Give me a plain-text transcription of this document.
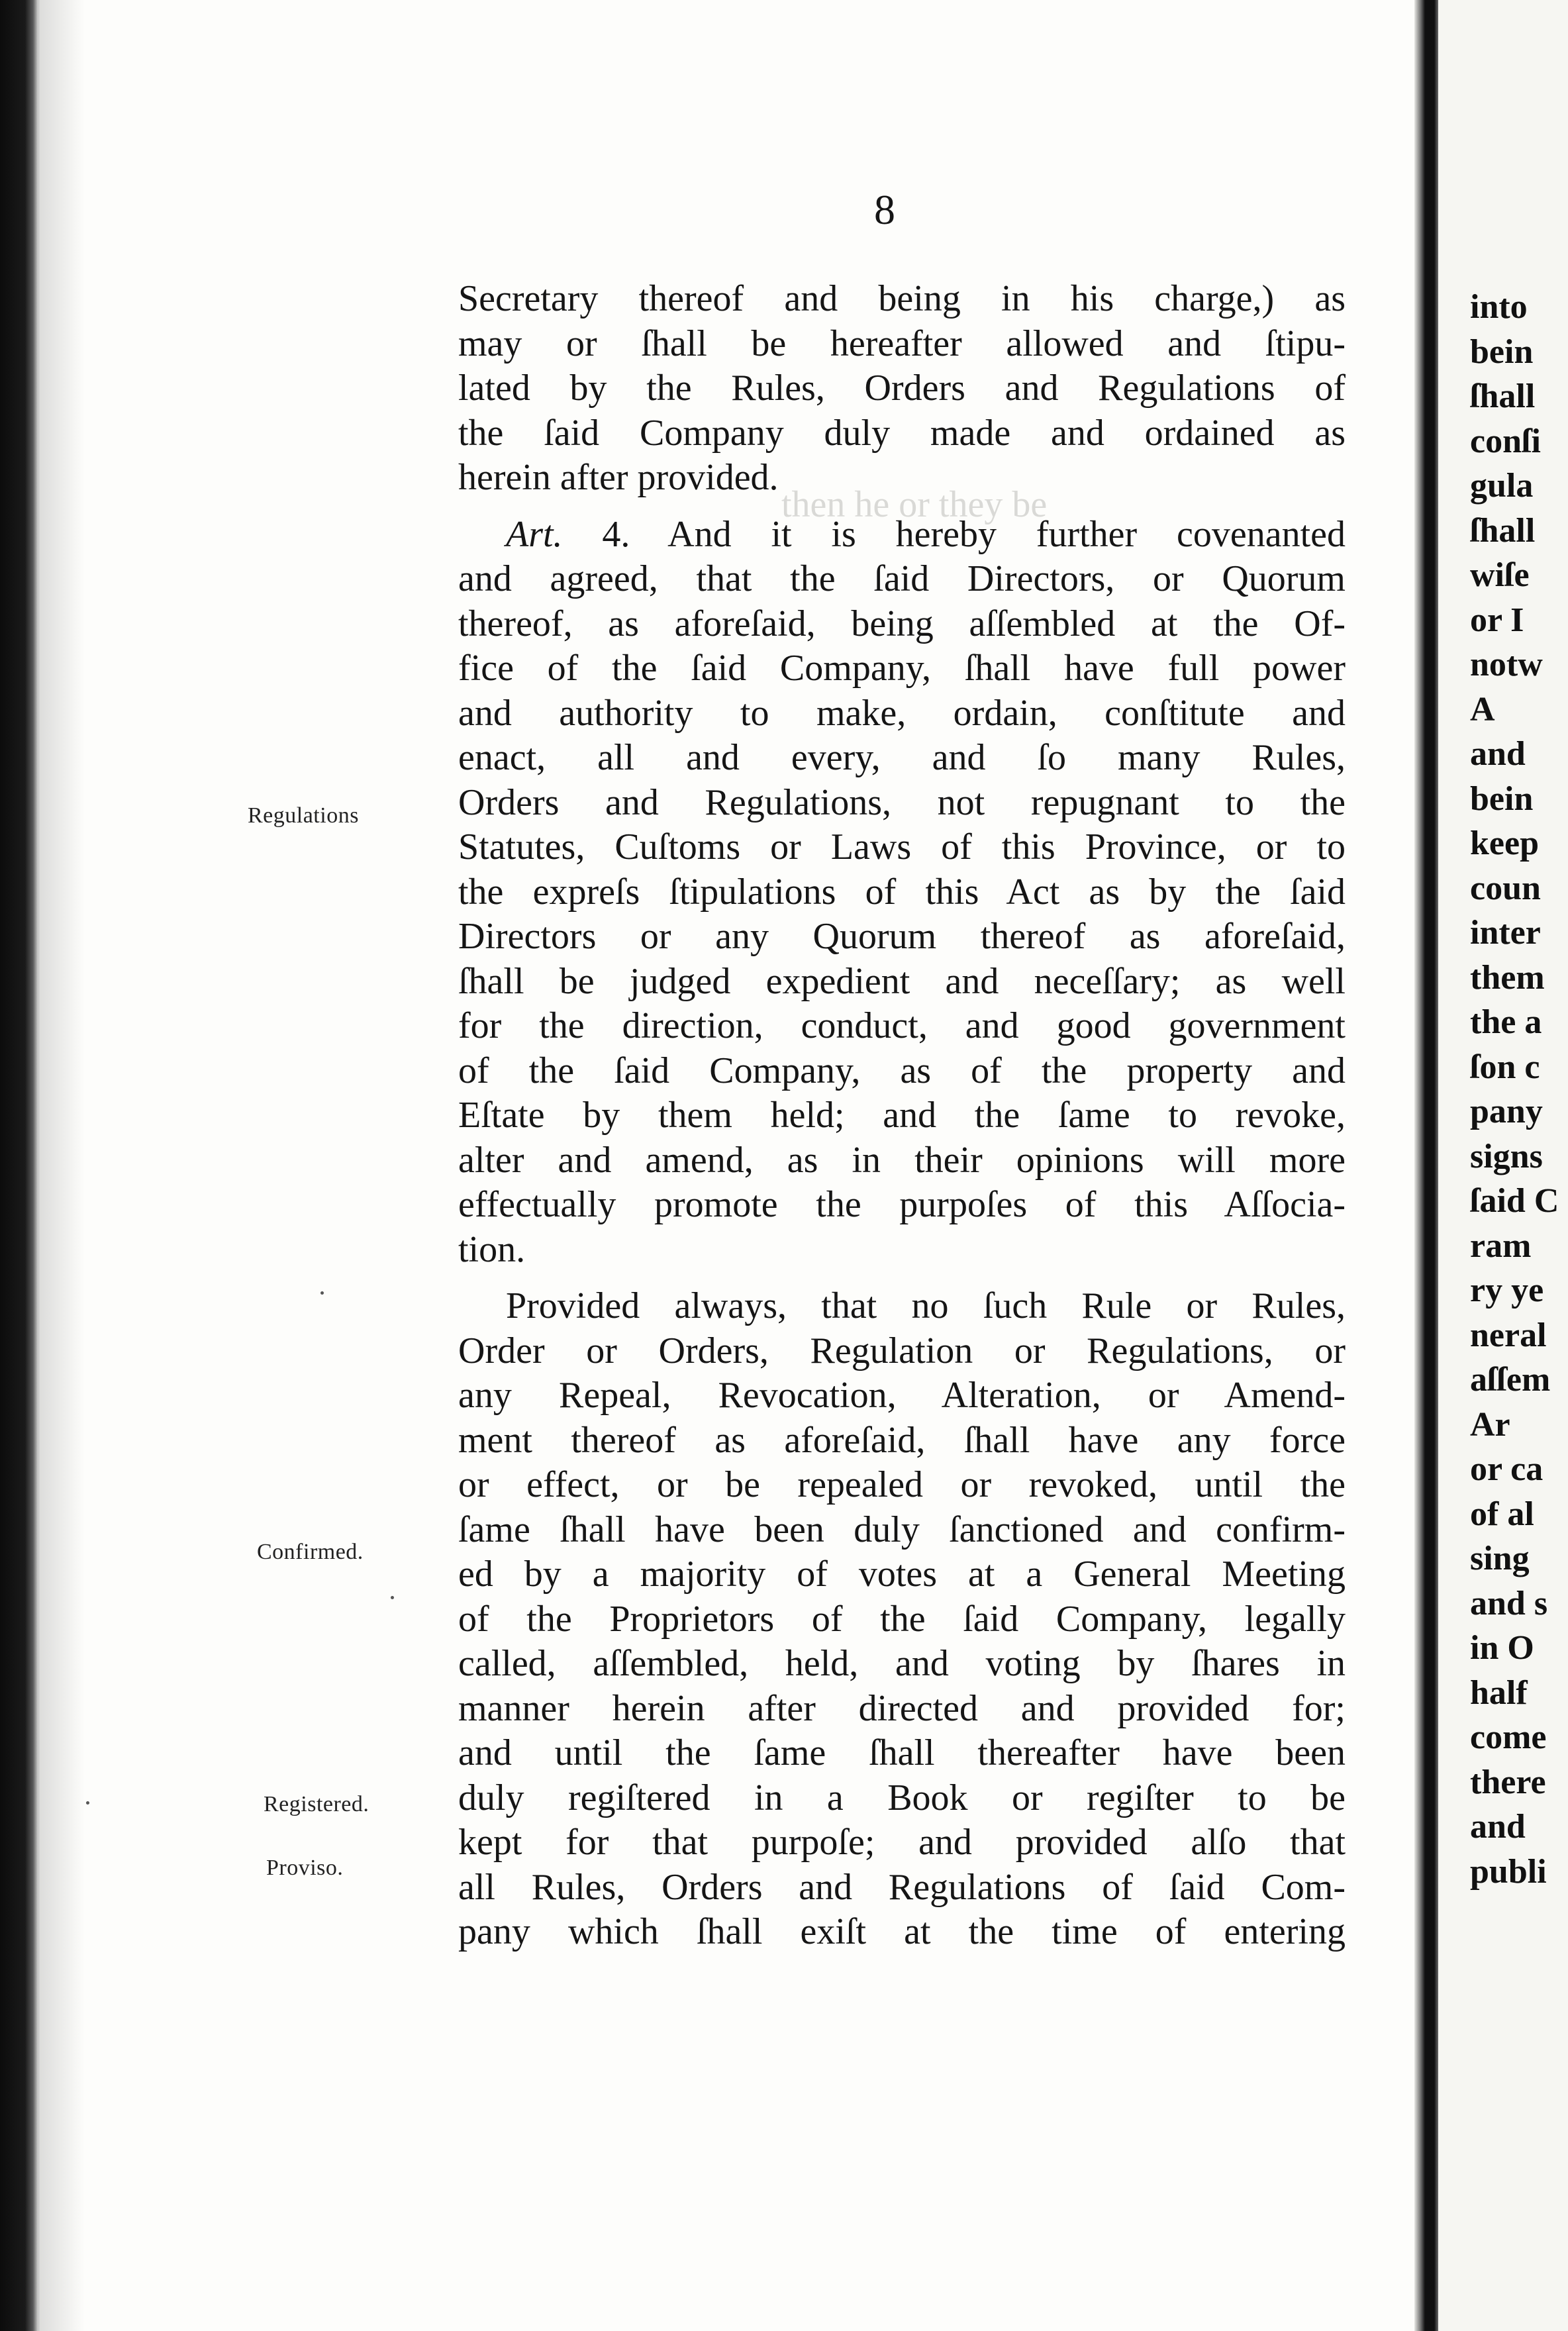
then he or they be
8
Secretary thereof and being in his charge,) as
may or ſhall be hereafter allowed and ſtipu-
lated by the Rules, Orders and Regulations of
the ſaid Company duly made and ordained as
herein after provided.
Art. 4. And it is hereby further covenanted
and agreed, that the ſaid Directors, or Quorum
thereof, as aforeſaid, being aſſembled at the Of-
fice of the ſaid Company, ſhall have full power
and authority to make, ordain, conſtitute and
enact, all and every, and ſo many Rules,
Orders and Regulations, not repugnant to the
Statutes, Cuſtoms or Laws of this Province, or to
the expreſs ſtipulations of this Act as by the ſaid
Directors or any Quorum thereof as aforeſaid,
ſhall be judged expedient and neceſſary; as well
for the direction, conduct, and good government
of the ſaid Company, as of the property and
Eſtate by them held; and the ſame to revoke,
alter and amend, as in their opinions will more
effectually promote the purpoſes of this Aſſocia-
tion.
Provided always, that no ſuch Rule or Rules,
Order or Orders, Regulation or Regulations, or
any Repeal, Revocation, Alteration, or Amend-
ment thereof as aforeſaid, ſhall have any force
or effect, or be repealed or revoked, until the
ſame ſhall have been duly ſanctioned and confirm-
ed by a majority of votes at a General Meeting
of the Proprietors of the ſaid Company, legally
called, aſſembled, held, and voting by ſhares in
manner herein after directed and provided for;
and until the ſame ſhall thereafter have been
duly regiſtered in a Book or regiſter to be
kept for that purpoſe; and provided alſo that
all Rules, Orders and Regulations of ſaid Com-
pany which ſhall exiſt at the time of entering
Regulations
Confirmed.
Registered.
Proviso.
into
bein
ſhall
conſi
gula
ſhall
wiſe
or I
notw
A
and
bein
keep
coun
inter
them
the a
ſon c
pany
signs
ſaid C
ram
ry ye
neral
aſſem
Ar
or ca
of al
sing
and s
in O
half
come
there
and
publi
